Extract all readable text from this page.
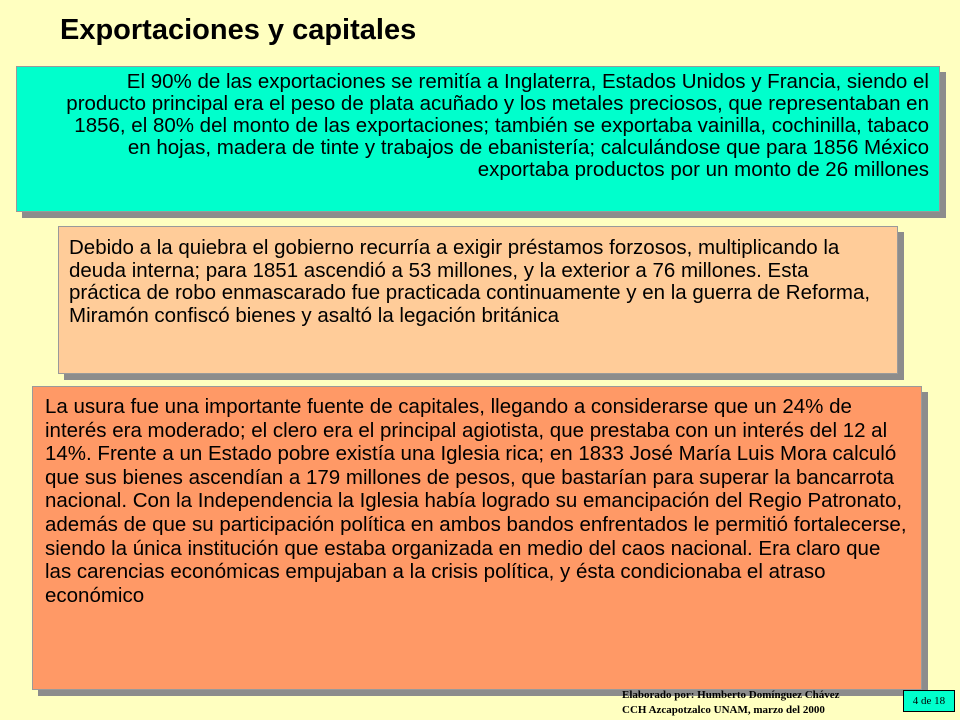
Exportaciones y capitales

El 90% de las exportaciones se remitía a Inglaterra, Estados Unidos y Francia, siendo el producto principal era el peso de plata acuñado y los metales preciosos, que representaban en 1856, el 80% del monto de las exportaciones; también se exportaba vainilla, cochinilla, tabaco en hojas, madera de tinte y trabajos de ebanistería; calculándose que para 1856 México exportaba productos por un monto de 26 millones

Debido a la quiebra el gobierno recurría a exigir préstamos forzosos, multiplicando la deuda interna; para 1851 ascendió a 53 millones, y la exterior a 76 millones. Esta práctica de robo enmascarado fue practicada continuamente y en la guerra de Reforma, Miramón confiscó bienes y asaltó la legación británica

La usura fue una importante fuente de capitales, llegando a considerarse que un 24% de interés era moderado; el clero era el principal agiotista, que prestaba con un interés del 12 al 14%. Frente a un Estado pobre existía una Iglesia rica; en 1833 José María Luis Mora calculó que sus bienes ascendían a 179 millones de pesos, que bastarían para superar la bancarrota nacional. Con la Independencia la Iglesia había logrado su emancipación del Regio Patronato, además de que su participación política en ambos bandos enfrentados le permitió fortalecerse, siendo la única institución que estaba organizada en medio del caos nacional. Era claro que las carencias económicas empujaban a la crisis política, y ésta condicionaba el atraso económico

Elaborado por: Humberto Domínguez Chávez
CCH Azcapotzalco UNAM, marzo del 2000
4 de 18
